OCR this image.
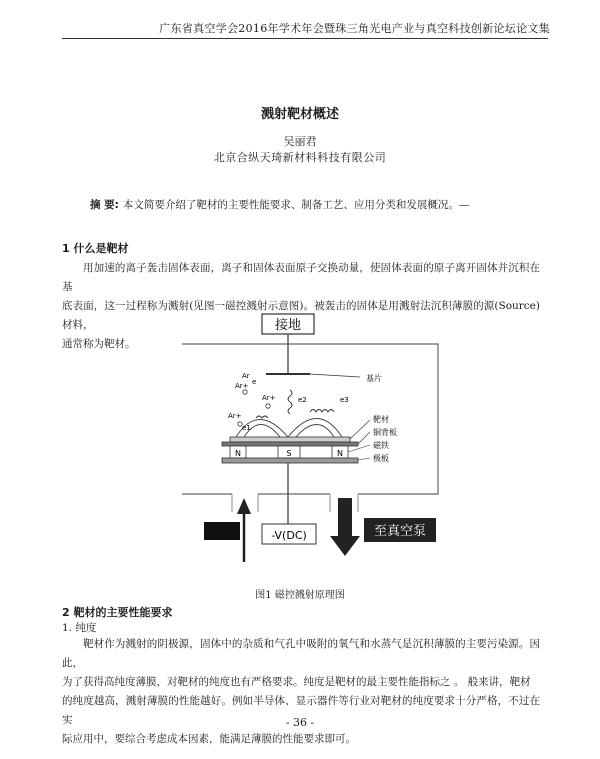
广东省真空学会2016年学术年会暨珠三角光电产业与真空科技创新论坛论文集
溅射靶材概述
吴丽君
北京合纵天琦新材料科技有限公司
摘 要: 本文简要介绍了靶材的主要性能要求、制备工艺、应用分类和发展概况。—
1 什么是靶材
用加速的离子轰击固体表面，离子和固体表面原子交换动量，使固体表面的原子离开固体并沉积在基
底表面，这一过程称为溅射(见图一磁控溅射示意图)。被轰击的固体是用溅射法沉积薄膜的源(Source)材料，
通常称为靶材。
接地
基片
Ar+
Ar+
Ar+
Ar
e
e1
e2	e3
N	S	N
靶材
铜背板
磁铁
极板
-V(DC)	至真空泵
图1 磁控溅射原理图
2 靶材的主要性能要求
1. 纯度
靶材作为溅射的阴极源，固体中的杂质和气孔中吸附的氧气和水蒸气是沉积薄膜的主要污染源。因此，
为了获得高纯度薄膜，对靶材的纯度也有严格要求。纯度是靶材的最主要性能指标之 。 般来讲，靶材
的纯度越高，溅射薄膜的性能越好。例如半导体、显示器件等行业对靶材的纯度要求十分严格，不过在实
际应用中，要综合考虑成本因素，能满足薄膜的性能要求即可。
- 36 -
